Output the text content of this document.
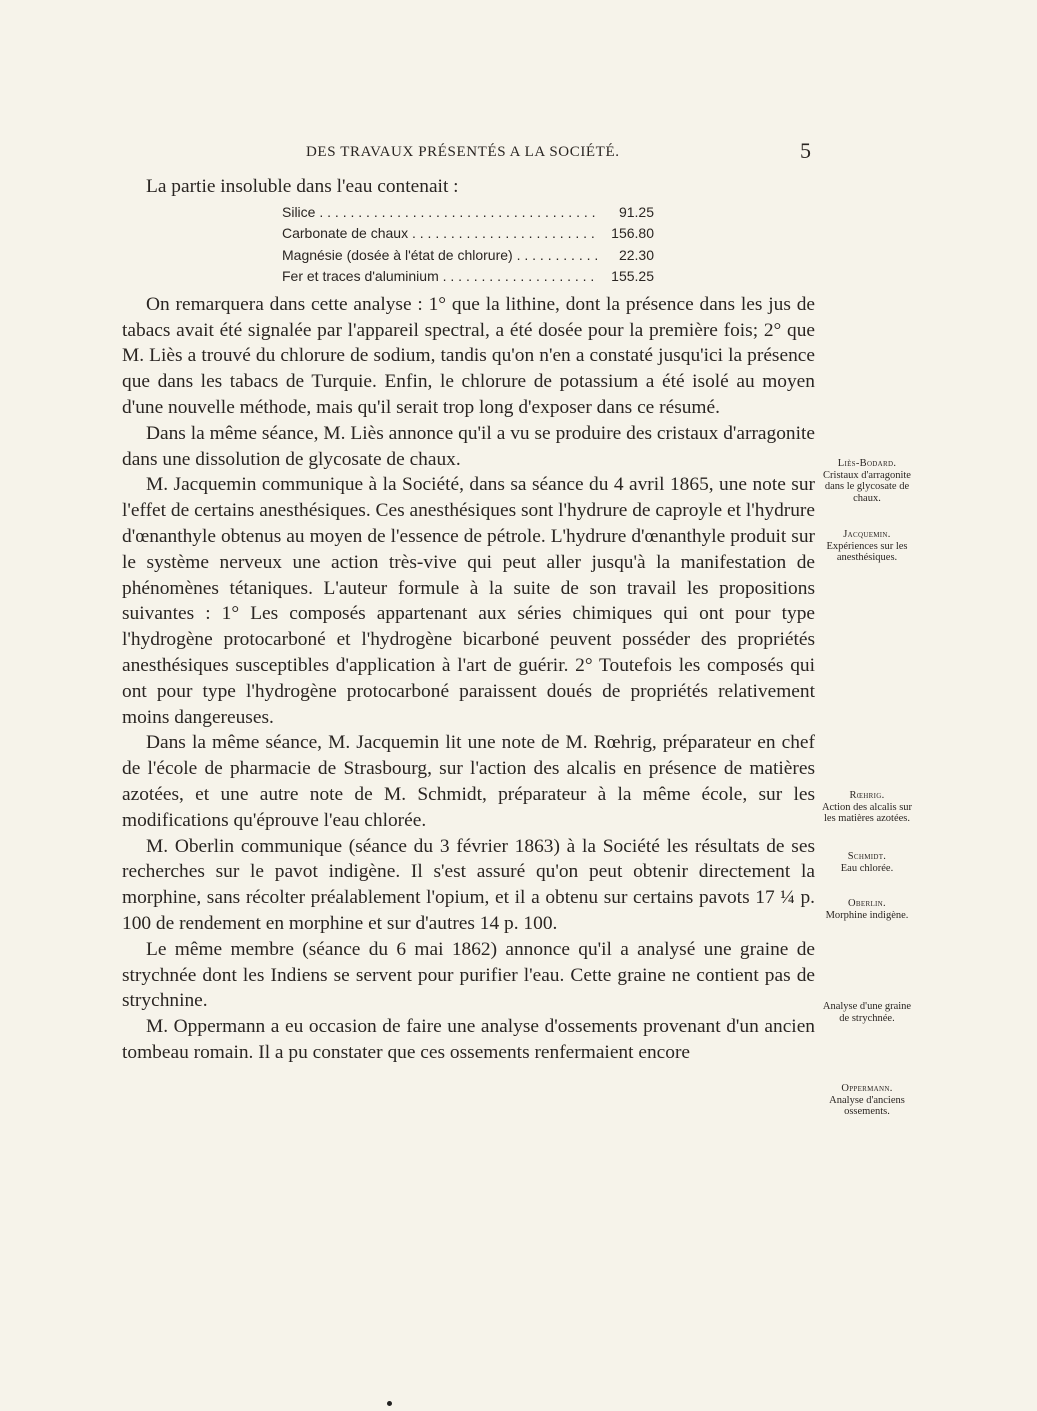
DES TRAVAUX PRÉSENTÉS A LA SOCIÉTÉ.	5

La partie insoluble dans l'eau contenait :

Silice . . .	91.25
Carbonate de chaux . . .	156.80
Magnésie (dosée à l'état de chlorure) . . .	22.30
Fer et traces d'aluminium . . .	155.25

On remarquera dans cette analyse : 1° que la lithine, dont la présence dans les jus de tabacs avait été signalée par l'appareil spectral, a été dosée pour la première fois; 2° que M. Liès a trouvé du chlorure de sodium, tandis qu'on n'en a constaté jusqu'ici la présence que dans les tabacs de Turquie. Enfin, le chlorure de potassium a été isolé au moyen d'une nouvelle méthode, mais qu'il serait trop long d'exposer dans ce résumé.

Dans la même séance, M. Liès annonce qu'il a vu se produire des cristaux d'arragonite dans une dissolution de glycosate de chaux.

M. Jacquemin communique à la Société, dans sa séance du 4 avril 1865, une note sur l'effet de certains anesthésiques. Ces anesthésiques sont l'hydrure de caproyle et l'hydrure d'œnanthyle obtenus au moyen de l'essence de pétrole. L'hydrure d'œnanthyle produit sur le système nerveux une action très-vive qui peut aller jusqu'à la manifestation de phénomènes tétaniques. L'auteur formule à la suite de son travail les propositions suivantes : 1° Les composés appartenant aux séries chimiques qui ont pour type l'hydrogène protocarboné et l'hydrogène bicarboné peuvent posséder des propriétés anesthésiques susceptibles d'application à l'art de guérir. 2° Toutefois les composés qui ont pour type l'hydrogène protocarboné paraissent doués de propriétés relativement moins dangereuses.

Dans la même séance, M. Jacquemin lit une note de M. Rœhrig, préparateur en chef de l'école de pharmacie de Strasbourg, sur l'action des alcalis en présence de matières azotées, et une autre note de M. Schmidt, préparateur à la même école, sur les modifications qu'éprouve l'eau chlorée.

M. Oberlin communique (séance du 3 février 1863) à la Société les résultats de ses recherches sur le pavot indigène. Il s'est assuré qu'on peut obtenir directement la morphine, sans récolter préalablement l'opium, et il a obtenu sur certains pavots 17 ¼ p. 100 de rendement en morphine et sur d'autres 14 p. 100.

Le même membre (séance du 6 mai 1862) annonce qu'il a analysé une graine de strychnée dont les Indiens se servent pour purifier l'eau. Cette graine ne contient pas de strychnine.

M. Oppermann a eu occasion de faire une analyse d'ossements provenant d'un ancien tombeau romain. Il a pu constater que ces ossements renfermaient encore

Liès-Bodard.
Cristaux d'arragonite dans le glycosate de chaux.
Jacquemin.
Expériences sur les anesthésiques.
Rœhrig.
Action des alcalis sur les matières azotées.
Schmidt.
Eau chlorée.
Oberlin.
Morphine indigène.
Analyse d'une graine de strychnée.
Oppermann.
Analyse d'anciens ossements.
